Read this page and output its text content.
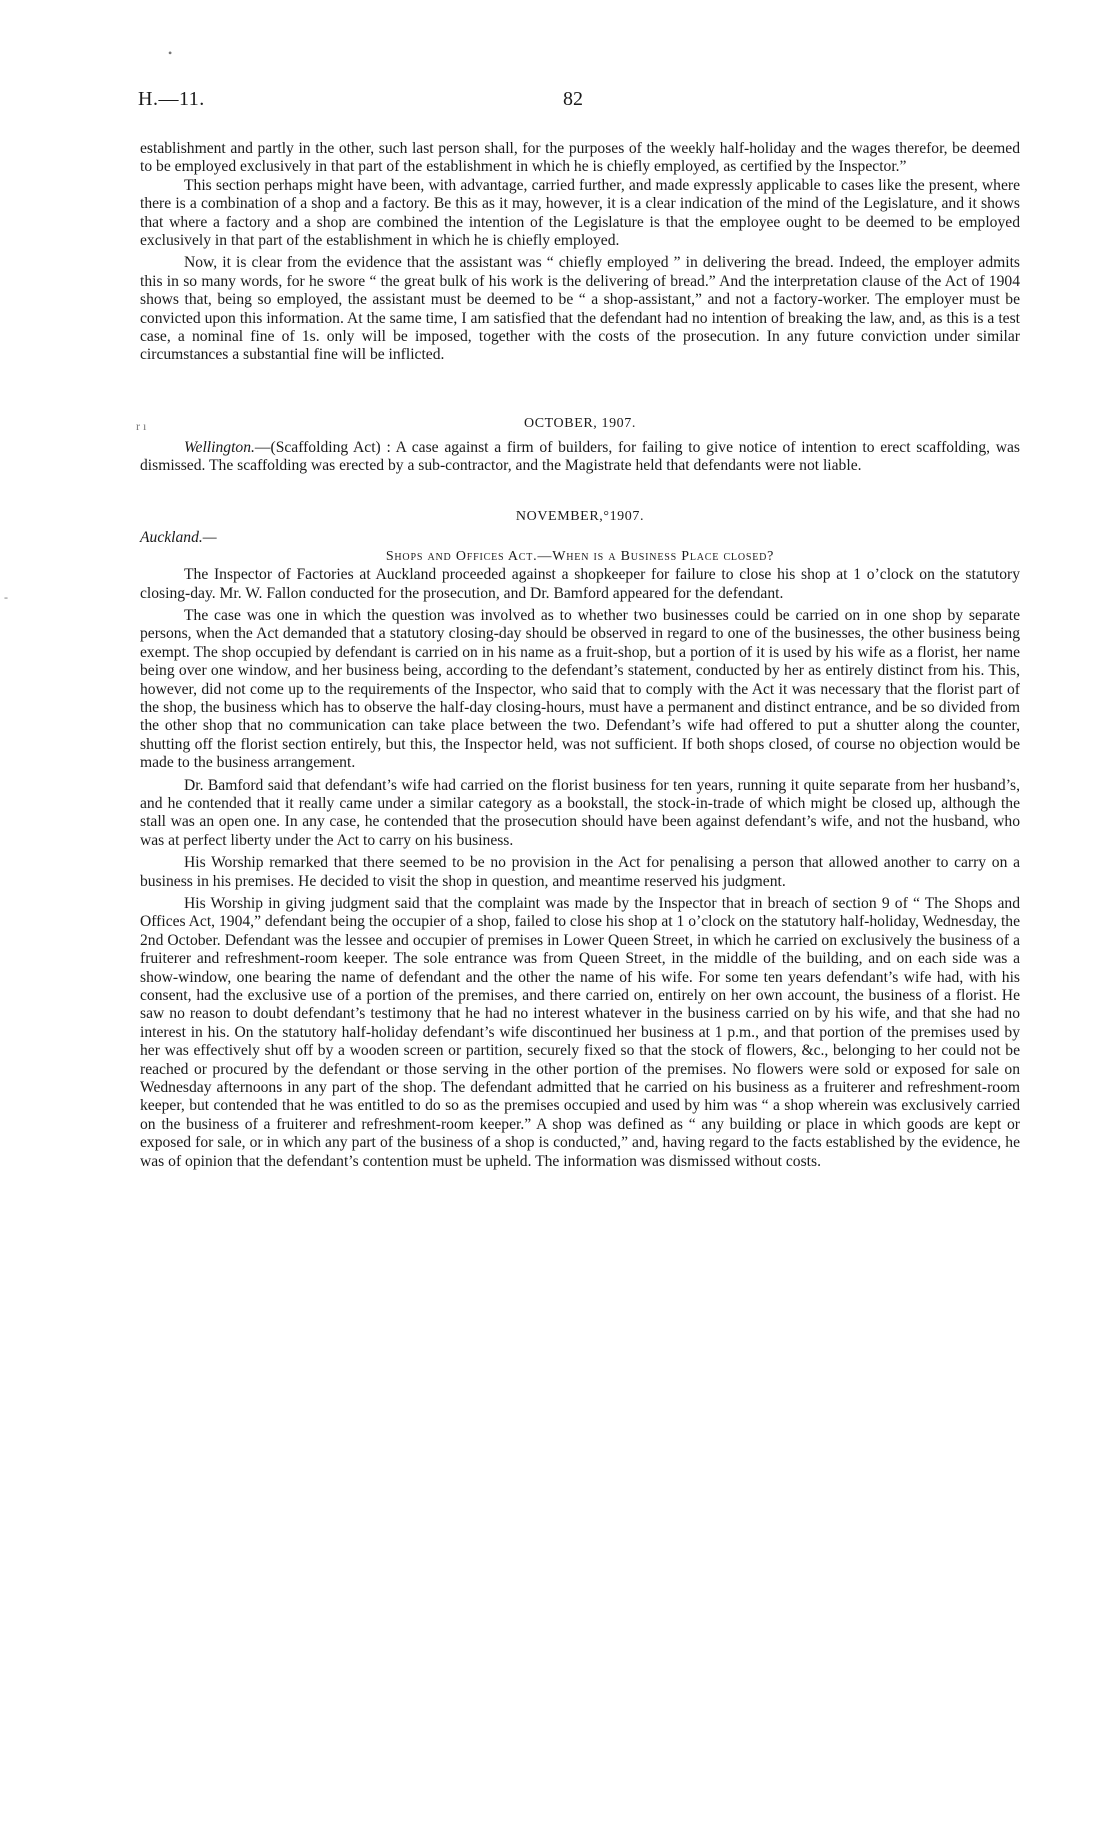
•
-
H.—11.	82

establishment and partly in the other, such last person shall, for the purposes of the weekly half-holiday and the wages therefor, be deemed to be employed exclusively in that part of the establishment in which he is chiefly employed, as certified by the Inspector.”

This section perhaps might have been, with advantage, carried further, and made expressly applicable to cases like the present, where there is a combination of a shop and a factory. Be this as it may, however, it is a clear indication of the mind of the Legislature, and it shows that where a factory and a shop are combined the intention of the Legislature is that the employee ought to be deemed to be employed exclusively in that part of the establishment in which he is chiefly employed.

Now, it is clear from the evidence that the assistant was “ chiefly employed ” in delivering the bread. Indeed, the employer admits this in so many words, for he swore “ the great bulk of his work is the delivering of bread.” And the interpretation clause of the Act of 1904 shows that, being so employed, the assistant must be deemed to be “ a shop-assistant,” and not a factory-worker. The employer must be convicted upon this information. At the same time, I am satisfied that the defendant had no intention of breaking the law, and, as this is a test case, a nominal fine of 1s. only will be imposed, together with the costs of the prosecution. In any future conviction under similar circumstances a substantial fine will be inflicted.

r ı	OCTOBER, 1907.

Wellington.—(Scaffolding Act) : A case against a firm of builders, for failing to give notice of intention to erect scaffolding, was dismissed. The scaffolding was erected by a sub-contractor, and the Magistrate held that defendants were not liable.

NOVEMBER,°1907.

Auckland.—

Shops and Offices Act.—When is a Business Place closed?

The Inspector of Factories at Auckland proceeded against a shopkeeper for failure to close his shop at 1 o’clock on the statutory closing-day. Mr. W. Fallon conducted for the prosecution, and Dr. Bamford appeared for the defendant.

The case was one in which the question was involved as to whether two businesses could be carried on in one shop by separate persons, when the Act demanded that a statutory closing-day should be observed in regard to one of the businesses, the other business being exempt. The shop occupied by defendant is carried on in his name as a fruit-shop, but a portion of it is used by his wife as a florist, her name being over one window, and her business being, according to the defendant’s statement, conducted by her as entirely distinct from his. This, however, did not come up to the requirements of the Inspector, who said that to comply with the Act it was necessary that the florist part of the shop, the business which has to observe the half-day closing-hours, must have a permanent and distinct entrance, and be so divided from the other shop that no communication can take place between the two. Defendant’s wife had offered to put a shutter along the counter, shutting off the florist section entirely, but this, the Inspector held, was not sufficient. If both shops closed, of course no objection would be made to the business arrangement.

Dr. Bamford said that defendant’s wife had carried on the florist business for ten years, running it quite separate from her husband’s, and he contended that it really came under a similar category as a bookstall, the stock-in-trade of which might be closed up, although the stall was an open one. In any case, he contended that the prosecution should have been against defendant’s wife, and not the husband, who was at perfect liberty under the Act to carry on his business.

His Worship remarked that there seemed to be no provision in the Act for penalising a person that allowed another to carry on a business in his premises. He decided to visit the shop in question, and meantime reserved his judgment.

His Worship in giving judgment said that the complaint was made by the Inspector that in breach of section 9 of “ The Shops and Offices Act, 1904,” defendant being the occupier of a shop, failed to close his shop at 1 o’clock on the statutory half-holiday, Wednesday, the 2nd October. Defendant was the lessee and occupier of premises in Lower Queen Street, in which he carried on exclusively the business of a fruiterer and refreshment-room keeper. The sole entrance was from Queen Street, in the middle of the building, and on each side was a show-window, one bearing the name of defendant and the other the name of his wife. For some ten years defendant’s wife had, with his consent, had the exclusive use of a portion of the premises, and there carried on, entirely on her own account, the business of a florist. He saw no reason to doubt defendant’s testimony that he had no interest whatever in the business carried on by his wife, and that she had no interest in his. On the statutory half-holiday defendant’s wife discontinued her business at 1 p.m., and that portion of the premises used by her was effectively shut off by a wooden screen or partition, securely fixed so that the stock of flowers, &c., belonging to her could not be reached or procured by the defendant or those serving in the other portion of the premises. No flowers were sold or exposed for sale on Wednesday afternoons in any part of the shop. The defendant admitted that he carried on his business as a fruiterer and refreshment-room keeper, but contended that he was entitled to do so as the premises occupied and used by him was “ a shop wherein was exclusively carried on the business of a fruiterer and refreshment-room keeper.” A shop was defined as “ any building or place in which goods are kept or exposed for sale, or in which any part of the business of a shop is conducted,” and, having regard to the facts established by the evidence, he was of opinion that the defendant’s contention must be upheld. The information was dismissed without costs.
